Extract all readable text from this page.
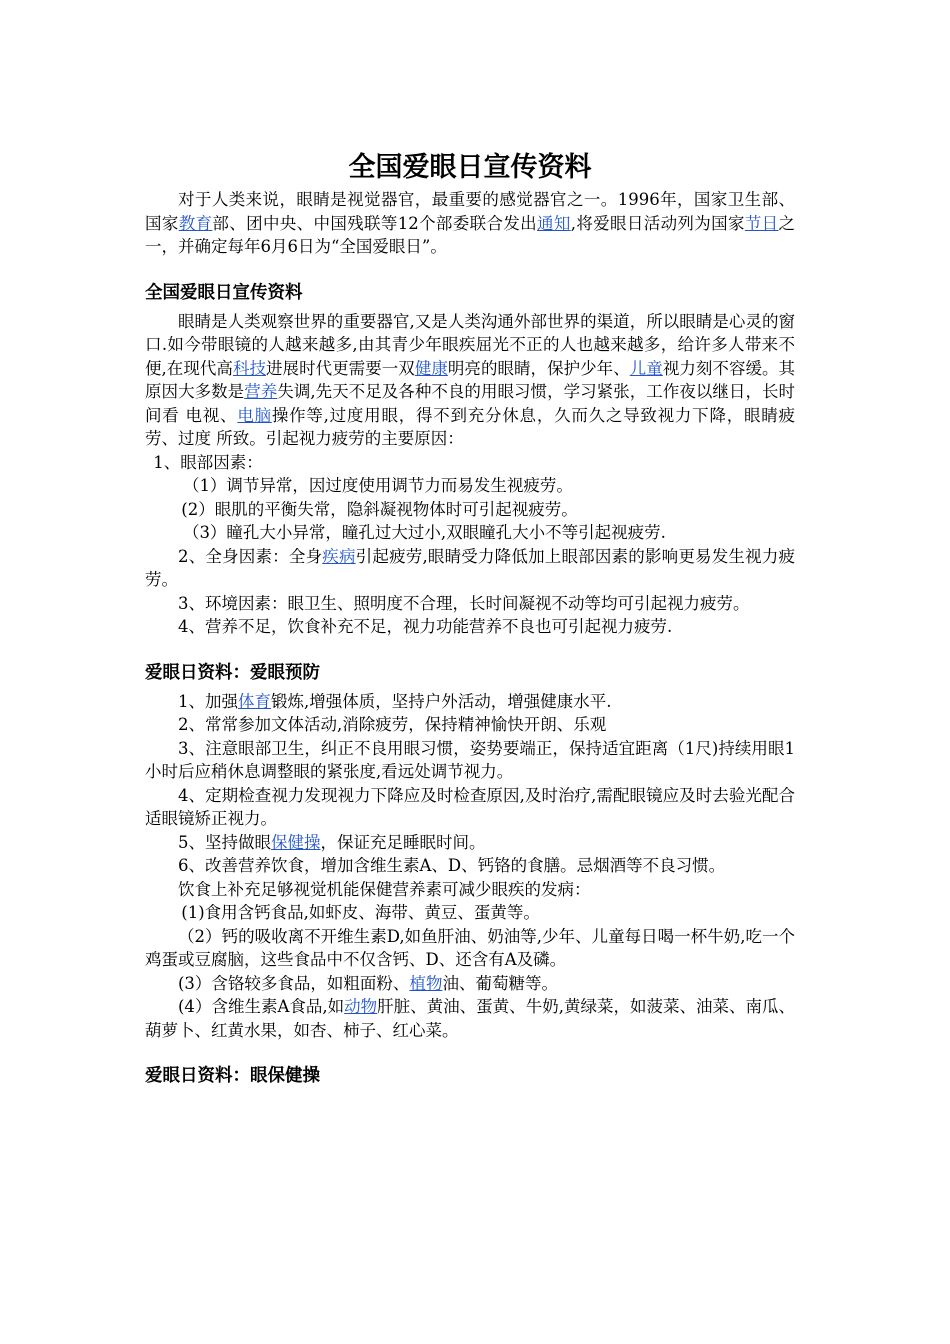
全国爱眼日宣传资料

对于人类来说，眼睛是视觉器官，最重要的感觉器官之一。1996年，国家卫生部、国家教育部、团中央、中国残联等12个部委联合发出通知,将爱眼日活动列为国家节日之一，并确定每年6月6日为“全国爱眼日”。

全国爱眼日宣传资料

眼睛是人类观察世界的重要器官,又是人类沟通外部世界的渠道，所以眼睛是心灵的窗口.如今带眼镜的人越来越多,由其青少年眼疾屈光不正的人也越来越多，给许多人带来不便,在现代高科技进展时代更需要一双健康明亮的眼睛，保护少年、儿童视力刻不容缓。其原因大多数是营养失调,先天不足及各种不良的用眼习惯，学习紧张，工作夜以继日，长时间看 电视、电脑操作等,过度用眼，得不到充分休息，久而久之导致视力下降，眼睛疲劳、过度 所致。引起视力疲劳的主要原因：

1、眼部因素：

（1）调节异常，因过度使用调节力而易发生视疲劳。

(2）眼肌的平衡失常，隐斜凝视物体时可引起视疲劳。

（3）瞳孔大小异常，瞳孔过大过小,双眼瞳孔大小不等引起视疲劳.

2、全身因素：全身疾病引起疲劳,眼睛受力降低加上眼部因素的影响更易发生视力疲劳。

3、环境因素：眼卫生、照明度不合理，长时间凝视不动等均可引起视力疲劳。

4、营养不足，饮食补充不足，视力功能营养不良也可引起视力疲劳.

爱眼日资料：爱眼预防

1、加强体育锻炼,增强体质，坚持户外活动，增强健康水平.

2、常常参加文体活动,消除疲劳，保持精神愉快开朗、乐观

3、注意眼部卫生，纠正不良用眼习惯，姿势要端正，保持适宜距离（1尺)持续用眼1小时后应稍休息调整眼的紧张度,看远处调节视力。

4、定期检查视力发现视力下降应及时检查原因,及时治疗,需配眼镜应及时去验光配合适眼镜矫正视力。

5、坚持做眼保健操，保证充足睡眠时间。

6、改善营养饮食，增加含维生素A、D、钙铬的食膳。忌烟酒等不良习惯。

饮食上补充足够视觉机能保健营养素可减少眼疾的发病：

(1)食用含钙食品,如虾皮、海带、黄豆、蛋黄等。

（2）钙的吸收离不开维生素D,如鱼肝油、奶油等,少年、儿童每日喝一杯牛奶,吃一个鸡蛋或豆腐脑，这些食品中不仅含钙、D、还含有A及磷。

(3）含铬较多食品，如粗面粉、植物油、葡萄糖等。

(4）含维生素A食品,如动物肝脏、黄油、蛋黄、牛奶,黄绿菜，如菠菜、油菜、南瓜、葫萝卜、红黄水果，如杏、柿子、红心菜。

爱眼日资料：眼保健操
